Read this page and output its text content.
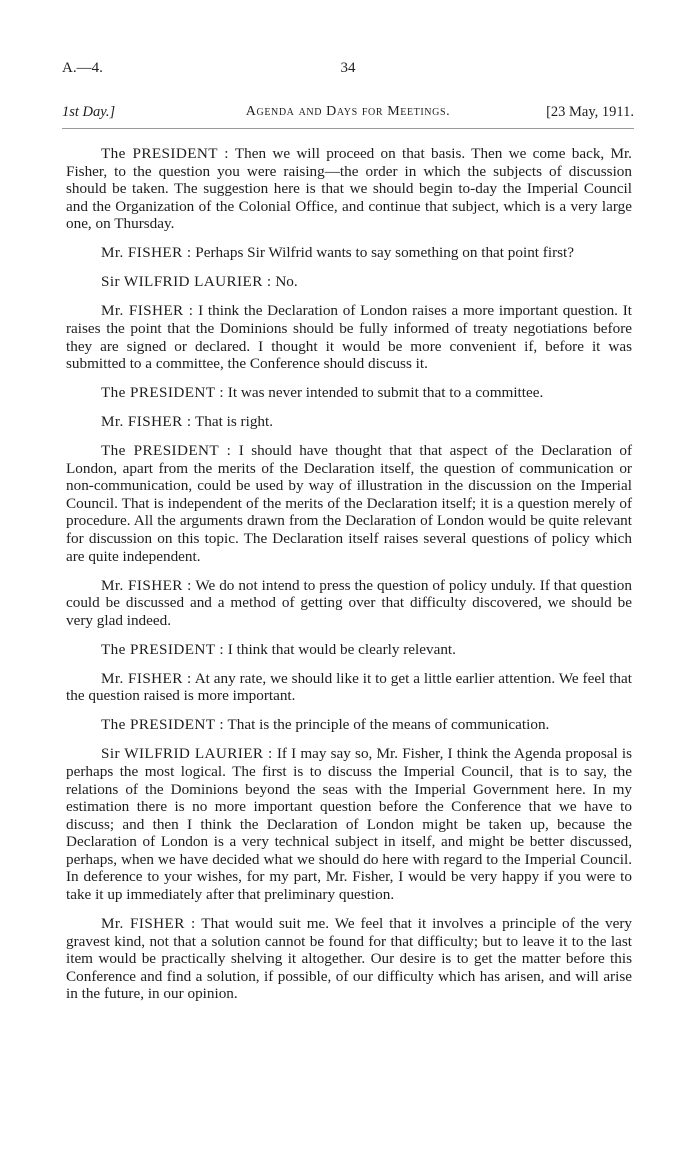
A.—4.	34
1st Day.]	Agenda and Days for Meetings.	[23 May, 1911.

The PRESIDENT : Then we will proceed on that basis. Then we come back, Mr. Fisher, to the question you were raising—the order in which the subjects of discussion should be taken. The suggestion here is that we should begin to-day the Imperial Council and the Organization of the Colonial Office, and continue that subject, which is a very large one, on Thursday.

Mr. FISHER : Perhaps Sir Wilfrid wants to say something on that point first?

Sir WILFRID LAURIER : No.

Mr. FISHER : I think the Declaration of London raises a more important question. It raises the point that the Dominions should be fully informed of treaty negotiations before they are signed or declared. I thought it would be more convenient if, before it was submitted to a committee, the Conference should discuss it.

The PRESIDENT : It was never intended to submit that to a committee.

Mr. FISHER : That is right.

The PRESIDENT : I should have thought that that aspect of the Declaration of London, apart from the merits of the Declaration itself, the question of communication or non-communication, could be used by way of illustration in the discussion on the Imperial Council. That is independent of the merits of the Declaration itself; it is a question merely of procedure. All the arguments drawn from the Declaration of London would be quite relevant for discussion on this topic. The Declaration itself raises several questions of policy which are quite independent.

Mr. FISHER : We do not intend to press the question of policy unduly. If that question could be discussed and a method of getting over that difficulty discovered, we should be very glad indeed.

The PRESIDENT : I think that would be clearly relevant.

Mr. FISHER : At any rate, we should like it to get a little earlier attention. We feel that the question raised is more important.

The PRESIDENT : That is the principle of the means of communication.

Sir WILFRID LAURIER : If I may say so, Mr. Fisher, I think the Agenda proposal is perhaps the most logical. The first is to discuss the Imperial Council, that is to say, the relations of the Dominions beyond the seas with the Imperial Government here. In my estimation there is no more important question before the Conference that we have to discuss; and then I think the Declaration of London might be taken up, because the Declaration of London is a very technical subject in itself, and might be better discussed, perhaps, when we have decided what we should do here with regard to the Imperial Council. In deference to your wishes, for my part, Mr. Fisher, I would be very happy if you were to take it up immediately after that preliminary question.

Mr. FISHER : That would suit me. We feel that it involves a principle of the very gravest kind, not that a solution cannot be found for that difficulty; but to leave it to the last item would be practically shelving it altogether. Our desire is to get the matter before this Conference and find a solution, if possible, of our difficulty which has arisen, and will arise in the future, in our opinion.
